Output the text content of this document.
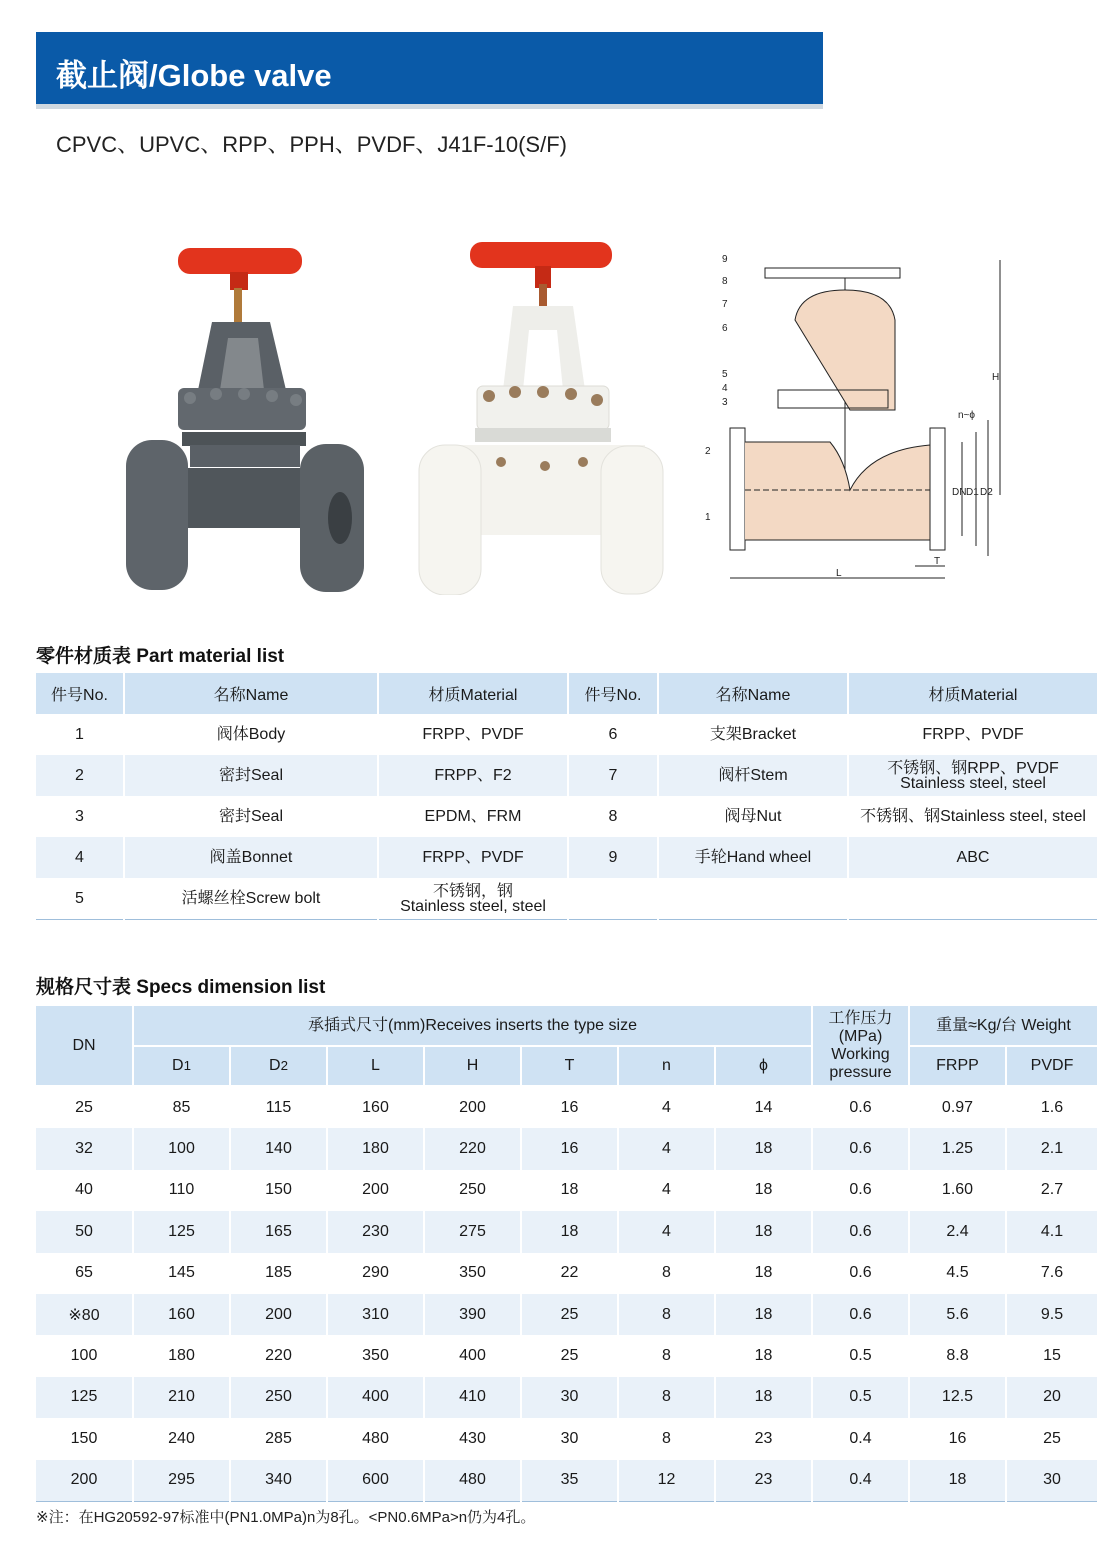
截止阀/Globe valve
CPVC、UPVC、RPP、PPH、PVDF、J41F-10(S/F)
9
8
7
6
5
4
3
2
1
H
n~ϕ
DN D1 D2
T
L
零件材质表 Part material list
件号No.	名称Name	材质Material	件号No.	名称Name	材质Material
1	阀体Body	FRPP、PVDF	6	支架Bracket	FRPP、PVDF
2	密封Seal	FRPP、F2	7	阀杆Stem	不锈钢、钢RPP、PVDF
Stainless steel, steel

3	密封Seal	EPDM、FRM	8	阀母Nut	不锈钢、钢Stainless steel, steel
4	阀盖Bonnet	FRPP、PVDF	9	手轮Hand wheel	ABC
5	活螺丝栓Screw bolt	不锈钢，钢
Stainless steel, steel			

规格尺寸表 Specs dimension list
DN	承插式尺寸(mm)Receives inserts the type size							工作压力
(MPa)
Working
pressure	重量≈Kg/台 Weight	
	D1	D2	L	H	T	n	ϕ		FRPP	PVDF
25	85	115	160	200	16	4	14	0.6	0.97	1.6
32	100	140	180	220	16	4	18	0.6	1.25	2.1
40	110	150	200	250	18	4	18	0.6	1.60	2.7
50	125	165	230	275	18	4	18	0.6	2.4	4.1
65	145	185	290	350	22	8	18	0.6	4.5	7.6
※80	160	200	310	390	25	8	18	0.6	5.6	9.5
100	180	220	350	400	25	8	18	0.5	8.8	15
125	210	250	400	410	30	8	18	0.5	12.5	20
150	240	285	480	430	30	8	23	0.4	16	25
200	295	340	600	480	35	12	23	0.4	18	30
※注：在HG20592-97标准中(PN1.0MPa)n为8孔。<PN0.6MPa>n仍为4孔。
